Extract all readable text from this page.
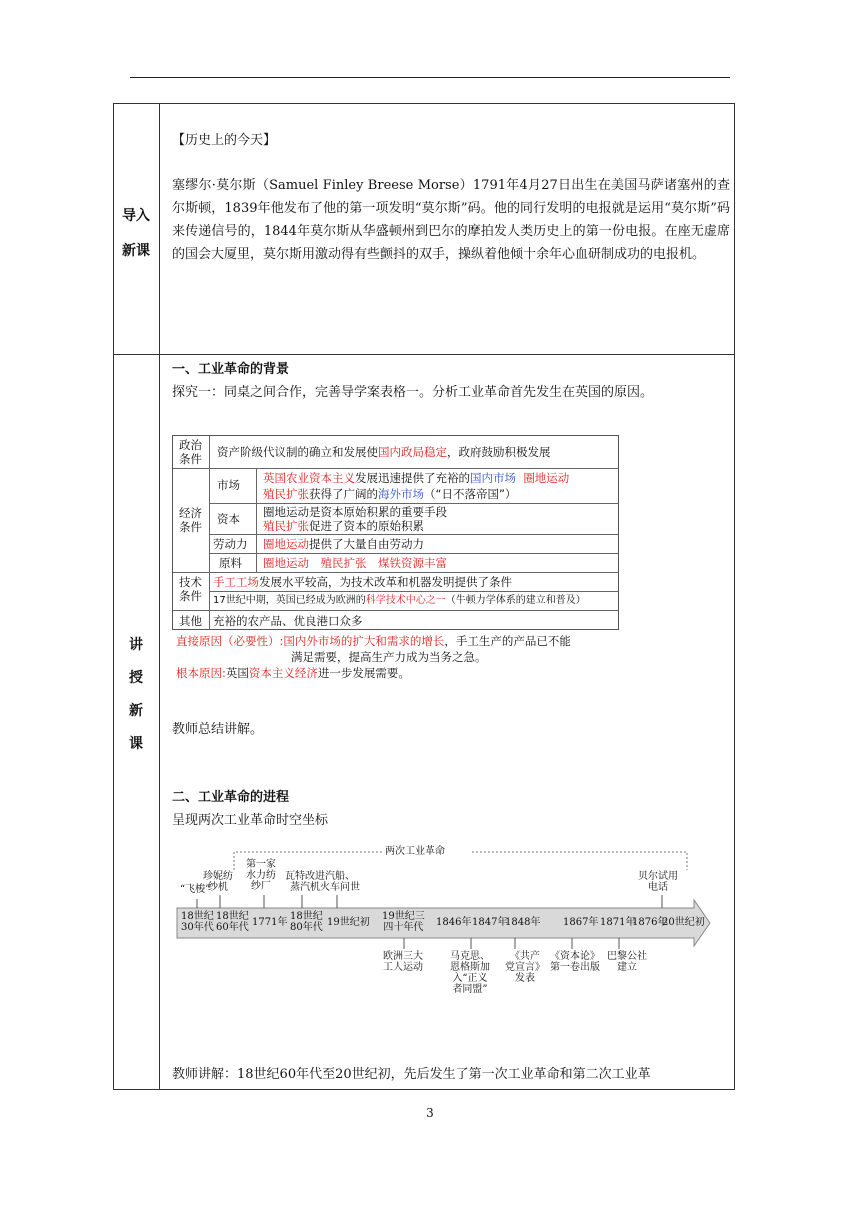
导入
新课
【历史上的今天】
塞缪尔·莫尔斯（Samuel Finley Breese Morse）1791年4月27日出生在美国马萨诸塞州的查尔斯顿，1839年他发布了他的第一项发明“莫尔斯”码。他的同行发明的电报就是运用“莫尔斯”码来传递信号的，1844年莫尔斯从华盛顿州到巴尔的摩拍发人类历史上的第一份电报。在座无虚席的国会大厦里，莫尔斯用激动得有些颤抖的双手，操纵着他倾十余年心血研制成功的电报机。
讲
授
新
课
一、工业革命的背景
探究一：同桌之间合作，完善导学案表格一。分析工业革命首先发生在英国的原因。
政治
条件 资产阶级代议制的确立和发展使国内政局稳定，政府鼓励积极发展
经济
条件
市场 英国农业资本主义发展迅速提供了充裕的国内市场 圈地运动
殖民扩张获得了广阔的海外市场（“日不落帝国”）
资本 圈地运动是资本原始积累的重要手段
殖民扩张促进了资本的原始积累
劳动力 圈地运动提供了大量自由劳动力
原料 圈地运动　殖民扩张　煤铁资源丰富
技术
条件
手工工场发展水平较高，为技术改革和机器发明提供了条件
17世纪中期，英国已经成为欧洲的科学技术中心之一（牛顿力学体系的建立和普及）
其他 充裕的农产品、优良港口众多
直接原因（必要性）:国内外市场的扩大和需求的增长，手工生产的产品已不能
满足需要，提高生产力成为当务之急。
根本原因:英国资本主义经济进一步发展需要。
教师总结讲解。
二、工业革命的进程
呈现两次工业革命时空坐标
两次工业革命
“飞梭”
珍妮纺
纱机
第一家
水力纺
纱厂
瓦特改进
蒸汽机
汽船、
火车问世
贝尔试用
电话
18世纪
30年代
18世纪
60年代 1771年
18世纪
80年代 19世纪初
19世纪三
四十年代 1846年 1847年
1848年 1867年 1871年
1876年
20世纪初
欧洲三大
工人运动
马克思、
恩格斯加
入“正义
者同盟”
《共产
党宣言》
发表
《资本论》
第一卷出版
巴黎公社
建立
教师讲解：18世纪60年代至20世纪初，先后发生了第一次工业革命和第二次工业革
3
